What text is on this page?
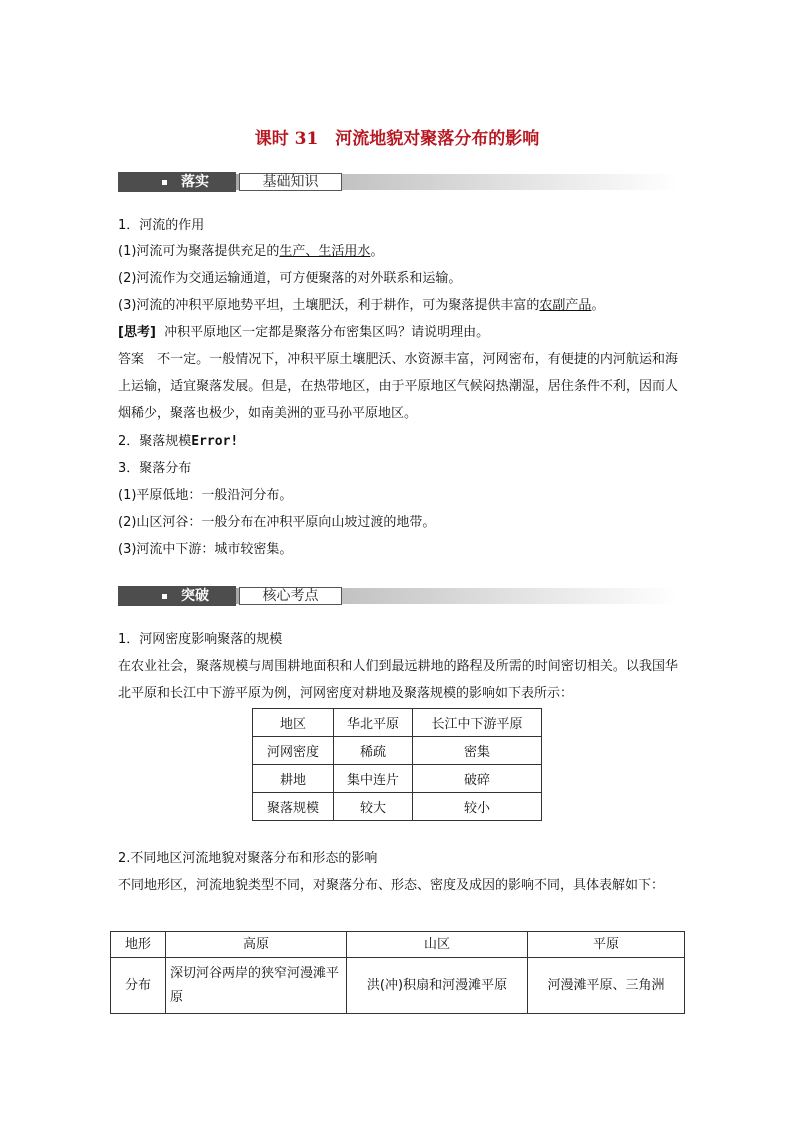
课时 31　河流地貌对聚落分布的影响
落实	基础知识
1．河流的作用
(1)河流可为聚落提供充足的生产、生活用水。
(2)河流作为交通运输通道，可方便聚落的对外联系和运输。
(3)河流的冲积平原地势平坦，土壤肥沃，利于耕作，可为聚落提供丰富的农副产品。
[思考] 冲积平原地区一定都是聚落分布密集区吗？请说明理由。
答案　不一定。一般情况下，冲积平原土壤肥沃、水资源丰富，河网密布，有便捷的内河航运和海上运输，适宜聚落发展。但是，在热带地区，由于平原地区气候闷热潮湿，居住条件不利，因而人烟稀少，聚落也极少，如南美洲的亚马孙平原地区。
2．聚落规模Error!
3．聚落分布
(1)平原低地：一般沿河分布。
(2)山区河谷：一般分布在冲积平原向山坡过渡的地带。
(3)河流中下游：城市较密集。
突破	核心考点
1．河网密度影响聚落的规模
在农业社会，聚落规模与周围耕地面积和人们到最远耕地的路程及所需的时间密切相关。以我国华北平原和长江中下游平原为例，河网密度对耕地及聚落规模的影响如下表所示：
地区	华北平原	长江中下游平原
河网密度	稀疏	密集
耕地	集中连片	破碎
聚落规模	较大	较小
2.不同地区河流地貌对聚落分布和形态的影响
不同地形区，河流地貌类型不同，对聚落分布、形态、密度及成因的影响不同，具体表解如下：
地形	高原	山区	平原
分布	深切河谷两岸的狭窄河漫滩平原	洪(冲)积扇和河漫滩平原	河漫滩平原、三角洲
